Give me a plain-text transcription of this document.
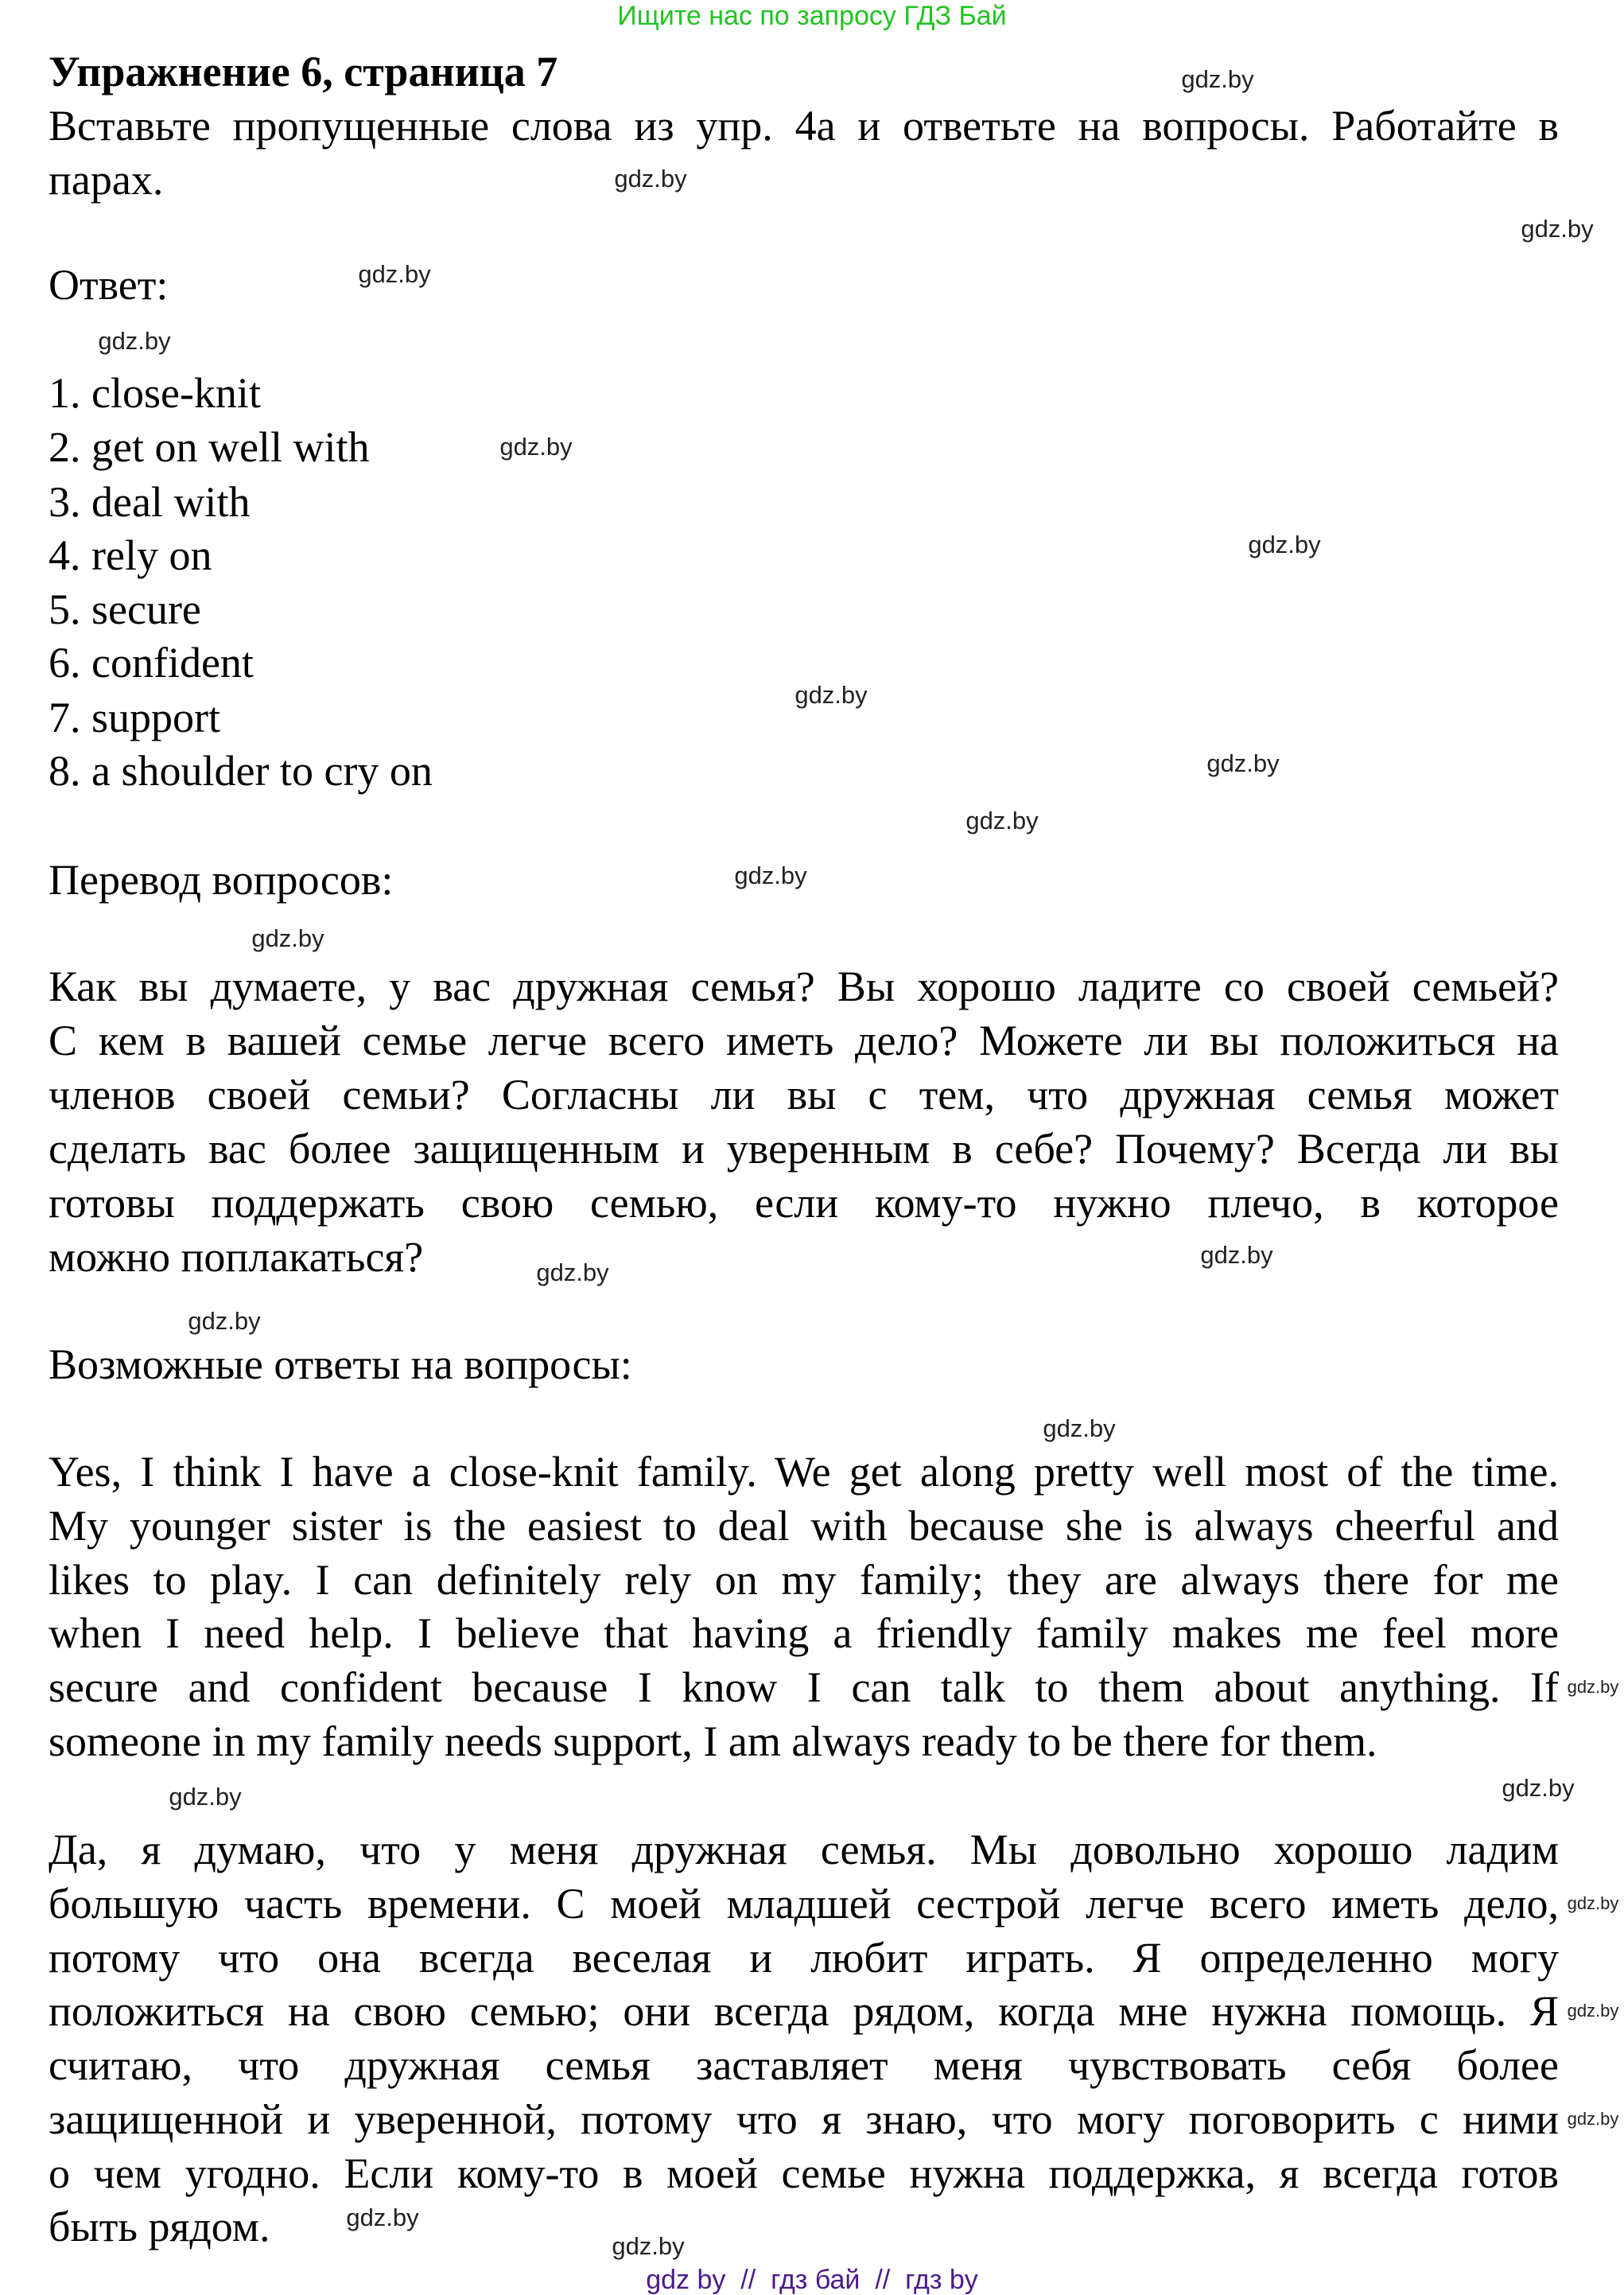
Ищите нас по запросу ГДЗ Бай
Упражнение 6, страница 7
Вставьте пропущенные слова из упр. 4a и ответьте на вопросы. Работайте в
парах.
Ответ:
1. close-knit
2. get on well with
3. deal with
4. rely on
5. secure
6. confident
7. support
8. a shoulder to cry on
Перевод вопросов:
Как вы думаете, у вас дружная семья? Вы хорошо ладите со своей семьей?
С кем в вашей семье легче всего иметь дело? Можете ли вы положиться на
членов своей семьи? Согласны ли вы с тем, что дружная семья может
сделать вас более защищенным и уверенным в себе? Почему? Всегда ли вы
готовы поддержать свою семью, если кому-то нужно плечо, в которое
можно поплакаться?
Возможные ответы на вопросы:
Yes, I think I have a close-knit family. We get along pretty well most of the time.
My younger sister is the easiest to deal with because she is always cheerful and
likes to play. I can definitely rely on my family; they are always there for me
when I need help. I believe that having a friendly family makes me feel more
secure and confident because I know I can talk to them about anything. If
someone in my family needs support, I am always ready to be there for them.
Да, я думаю, что у меня дружная семья. Мы довольно хорошо ладим
большую часть времени. С моей младшей сестрой легче всего иметь дело,
потому что она всегда веселая и любит играть. Я определенно могу
положиться на свою семью; они всегда рядом, когда мне нужна помощь. Я
считаю, что дружная семья заставляет меня чувствовать себя более
защищенной и уверенной, потому что я знаю, что могу поговорить с ними
о чем угодно. Если кому-то в моей семье нужна поддержка, я всегда готов
быть рядом.
gdz.by
gdz.by
gdz.by
gdz.by
gdz.by
gdz.by
gdz.by
gdz.by
gdz.by
gdz.by
gdz.by
gdz.by
gdz.by
gdz.by
gdz.by
gdz.by
gdz.by
gdz.by
gdz.by
gdz.by
gdz.by
gdz.by
gdz.by
gdz.by
gdz by  //  гдз бай  //  гдз by
